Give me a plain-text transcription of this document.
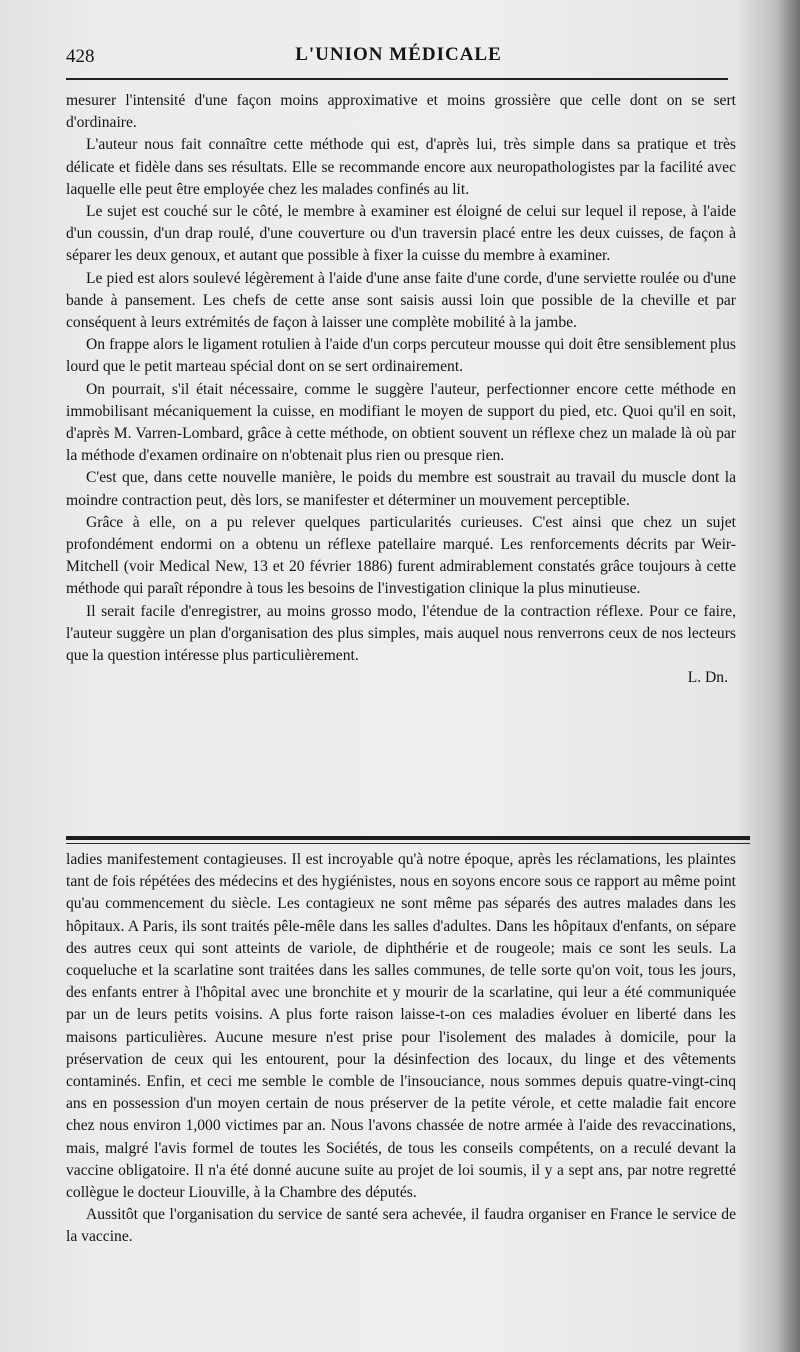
428	L'UNION MÉDICALE

mesurer l'intensité d'une façon moins approximative et moins grossière que celle dont on se sert d'ordinaire.

L'auteur nous fait connaître cette méthode qui est, d'après lui, très simple dans sa pratique et très délicate et fidèle dans ses résultats. Elle se recommande encore aux neuropathologistes par la facilité avec laquelle elle peut être employée chez les malades confinés au lit.

Le sujet est couché sur le côté, le membre à examiner est éloigné de celui sur lequel il repose, à l'aide d'un coussin, d'un drap roulé, d'une couverture ou d'un traversin placé entre les deux cuisses, de façon à séparer les deux genoux, et autant que possible à fixer la cuisse du membre à examiner.

Le pied est alors soulevé légèrement à l'aide d'une anse faite d'une corde, d'une serviette roulée ou d'une bande à pansement. Les chefs de cette anse sont saisis aussi loin que possible de la cheville et par conséquent à leurs extrémités de façon à laisser une complète mobilité à la jambe.

On frappe alors le ligament rotulien à l'aide d'un corps percuteur mousse qui doit être sensiblement plus lourd que le petit marteau spécial dont on se sert ordinairement.

On pourrait, s'il était nécessaire, comme le suggère l'auteur, perfectionner encore cette méthode en immobilisant mécaniquement la cuisse, en modifiant le moyen de support du pied, etc. Quoi qu'il en soit, d'après M. Varren-Lombard, grâce à cette méthode, on obtient souvent un réflexe chez un malade là où par la méthode d'examen ordinaire on n'obtenait plus rien ou presque rien.

C'est que, dans cette nouvelle manière, le poids du membre est soustrait au travail du muscle dont la moindre contraction peut, dès lors, se manifester et déterminer un mouvement perceptible.

Grâce à elle, on a pu relever quelques particularités curieuses. C'est ainsi que chez un sujet profondément endormi on a obtenu un réflexe patellaire marqué. Les renforcements décrits par Weir-Mitchell (voir Medical New, 13 et 20 février 1886) furent admirablement constatés grâce toujours à cette méthode qui paraît répondre à tous les besoins de l'investigation clinique la plus minutieuse.

Il serait facile d'enregistrer, au moins grosso modo, l'étendue de la contraction réflexe. Pour ce faire, l'auteur suggère un plan d'organisation des plus simples, mais auquel nous renverrons ceux de nos lecteurs que la question intéresse plus particulièrement.

L. Dn.

ladies manifestement contagieuses. Il est incroyable qu'à notre époque, après les réclamations, les plaintes tant de fois répétées des médecins et des hygiénistes, nous en soyons encore sous ce rapport au même point qu'au commencement du siècle. Les contagieux ne sont même pas séparés des autres malades dans les hôpitaux. A Paris, ils sont traités pêle-mêle dans les salles d'adultes. Dans les hôpitaux d'enfants, on sépare des autres ceux qui sont atteints de variole, de diphthérie et de rougeole; mais ce sont les seuls. La coqueluche et la scarlatine sont traitées dans les salles communes, de telle sorte qu'on voit, tous les jours, des enfants entrer à l'hôpital avec une bronchite et y mourir de la scarlatine, qui leur a été communiquée par un de leurs petits voisins. A plus forte raison laisse-t-on ces maladies évoluer en liberté dans les maisons particulières. Aucune mesure n'est prise pour l'isolement des malades à domicile, pour la préservation de ceux qui les entourent, pour la désinfection des locaux, du linge et des vêtements contaminés. Enfin, et ceci me semble le comble de l'insouciance, nous sommes depuis quatre-vingt-cinq ans en possession d'un moyen certain de nous préserver de la petite vérole, et cette maladie fait encore chez nous environ 1,000 victimes par an. Nous l'avons chassée de notre armée à l'aide des revaccinations, mais, malgré l'avis formel de toutes les Sociétés, de tous les conseils compétents, on a reculé devant la vaccine obligatoire. Il n'a été donné aucune suite au projet de loi soumis, il y a sept ans, par notre regretté collègue le docteur Liouville, à la Chambre des députés.

Aussitôt que l'organisation du service de santé sera achevée, il faudra organiser en France le service de la vaccine.
